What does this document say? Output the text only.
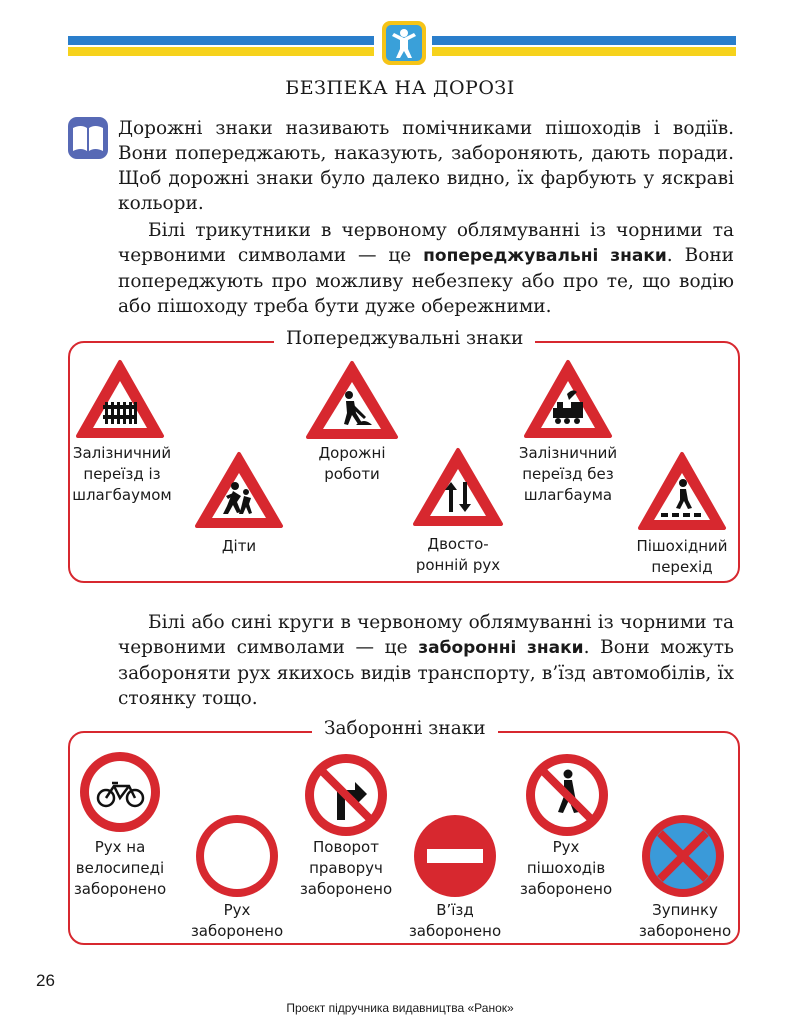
БЕЗПЕКА НА ДОРОЗІ

Дорожні знаки називають помічниками пішоходів і водіїв. Вони попереджають, наказують, забороняють, дають поради. Щоб дорожні знаки було далеко видно, їх фарбують у яскраві кольори.

Білі трикутники в червоному облямуванні із чорними та червоними символами — це попереджувальні знаки. Вони попереджують про можливу небезпеку або про те, що водію або пішоходу треба бути дуже обережними.

Попереджувальні знаки
Залізничний
переїзд із
шлагбаумом
Діти
Дорожні
роботи
Двосто-
ронній рух
Залізничний
переїзд без
шлагбаума
Пішохідний
перехід

Білі або сині круги в червоному облямуванні із чорними та червоними символами — це заборонні знаки. Вони можуть забороняти рух якихось видів транспорту, в’їзд автомобілів, їх стоянку тощо.

Заборонні знаки
Рух на
велосипеді
заборонено
Рух
заборонено
Поворот
праворуч
заборонено
В’їзд
заборонено
Рух
пішоходів
заборонено
Зупинку
заборонено
26
Проєкт підручника видавництва «Ранок»
